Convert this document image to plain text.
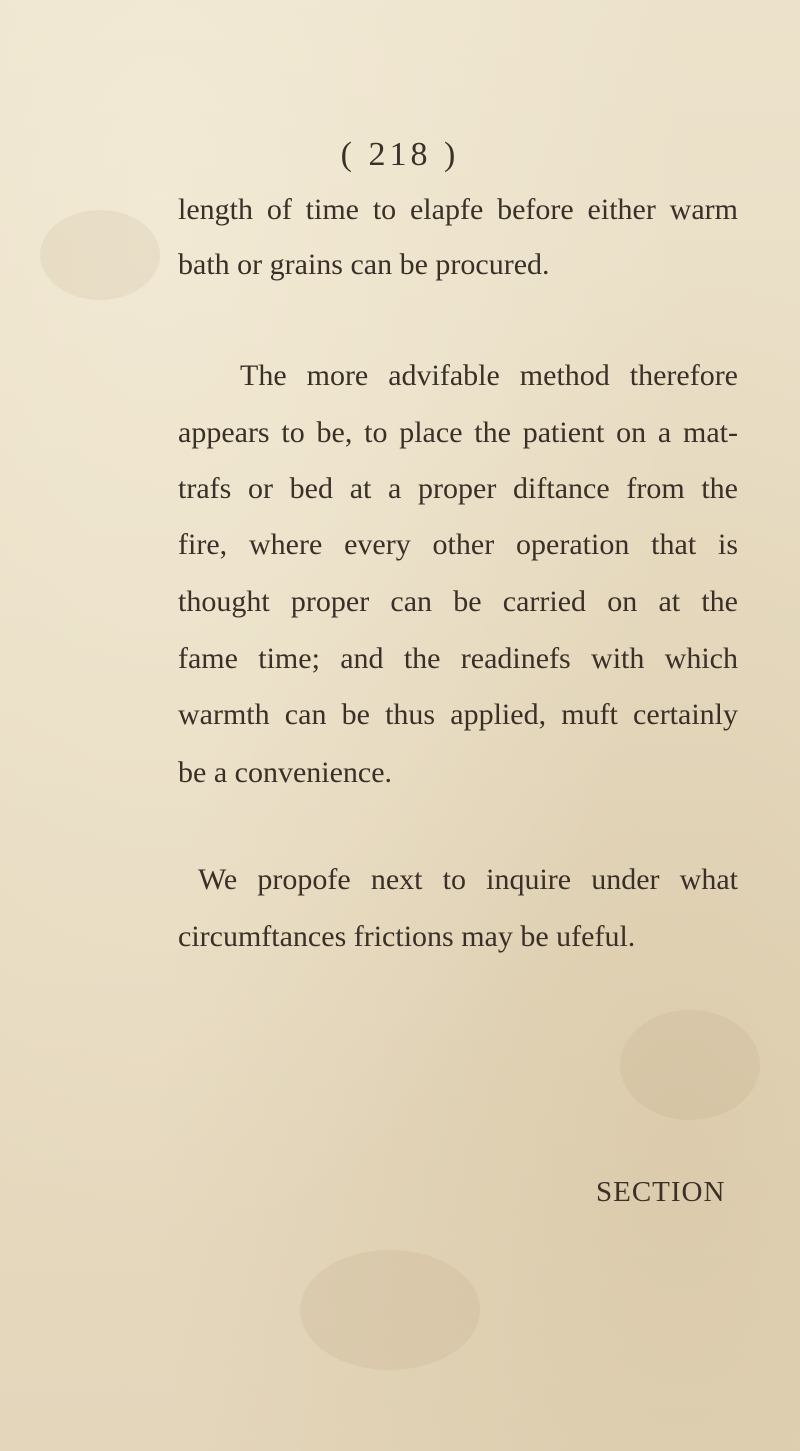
( 218 )
length of time to elapfe before either warm
bath or grains can be procured.
The more advifable method therefore
appears to be, to place the patient on a mat-
trafs or bed at a proper diftance from the
fire, where every other operation that is
thought proper can be carried on at the
fame time; and the readinefs with which
warmth can be thus applied, muft certainly
be a convenience.
We propofe next to inquire under what
circumftances frictions may be ufeful.
SECTION
